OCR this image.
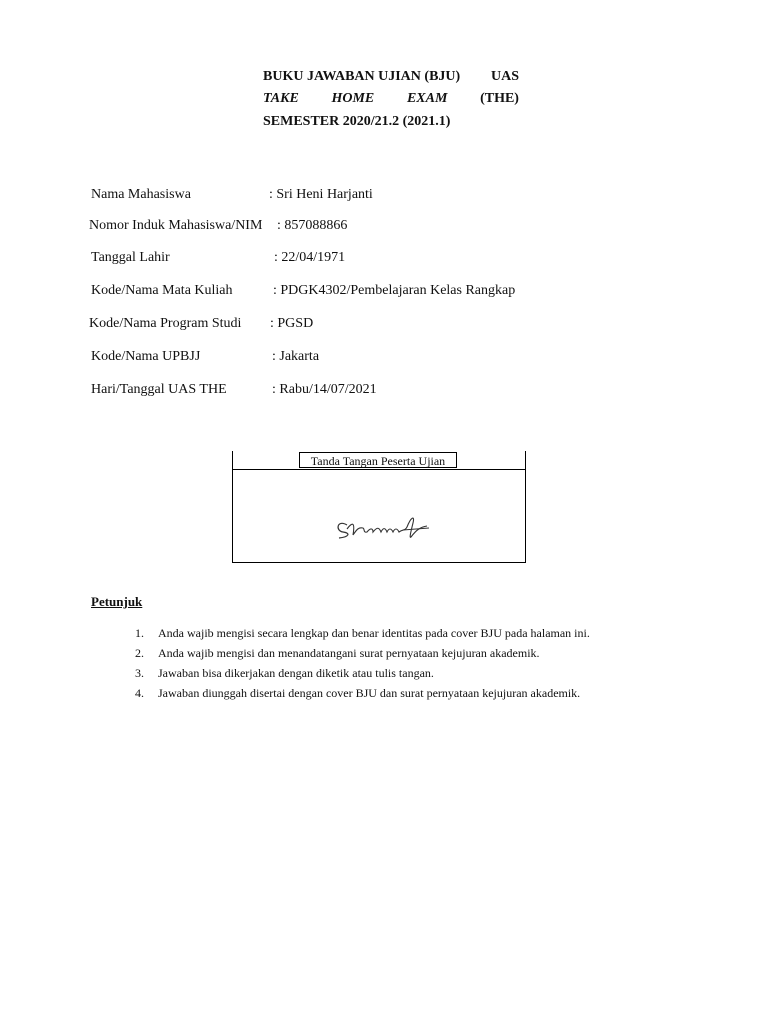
BUKU JAWABAN UJIAN (BJU) UAS
TAKE HOME EXAM (THE)
SEMESTER 2020/21.2 (2021.1)
Nama Mahasiswa	: Sri Heni Harjanti
Nomor Induk Mahasiswa/NIM : 857088866
Tanggal Lahir	: 22/04/1971
Kode/Nama Mata Kuliah	: PDGK4302/Pembelajaran Kelas Rangkap
Kode/Nama Program Studi : PGSD
Kode/Nama UPBJJ	: Jakarta
Hari/Tanggal UAS THE	: Rabu/14/07/2021
Tanda Tangan Peserta Ujian
Petunjuk
1.	Anda wajib mengisi secara lengkap dan benar identitas pada cover BJU pada halaman ini.
2.	Anda wajib mengisi dan menandatangani surat pernyataan kejujuran akademik.
3.	Jawaban bisa dikerjakan dengan diketik atau tulis tangan.
4.	Jawaban diunggah disertai dengan cover BJU dan surat pernyataan kejujuran akademik.
